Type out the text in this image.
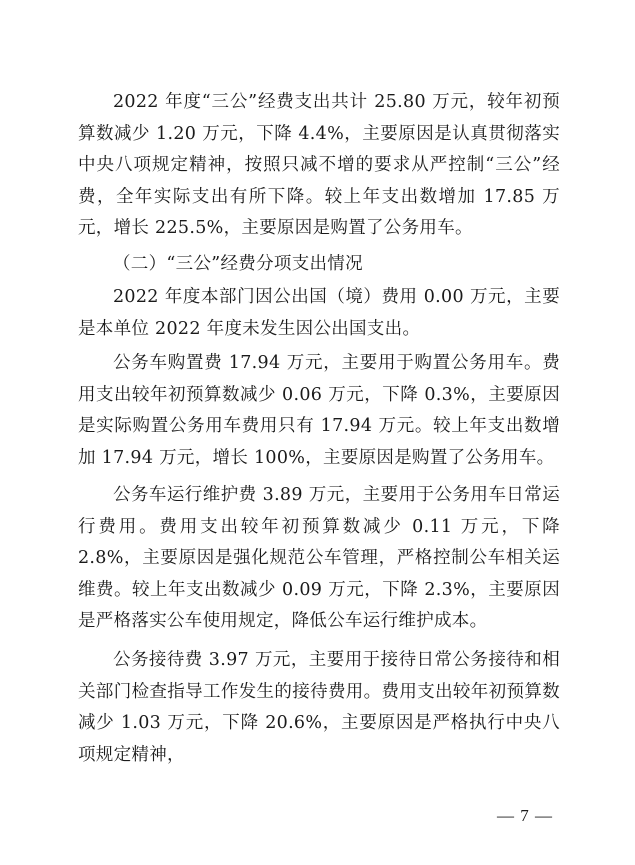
2022 年度“三公”经费支出共计 25.80 万元，较年初预算数减少 1.20 万元，下降 4.4%，主要原因是认真贯彻落实中央八项规定精神，按照只减不增的要求从严控制“三公”经费，全年实际支出有所下降。较上年支出数增加 17.85 万元，增长 225.5%，主要原因是购置了公务用车。

（二）“三公”经费分项支出情况

2022 年度本部门因公出国（境）费用 0.00 万元，主要是本单位 2022 年度未发生因公出国支出。

公务车购置费 17.94 万元，主要用于购置公务用车。费用支出较年初预算数减少 0.06 万元，下降 0.3%，主要原因是实际购置公务用车费用只有 17.94 万元。较上年支出数增加 17.94 万元，增长 100%，主要原因是购置了公务用车。

公务车运行维护费 3.89 万元，主要用于公务用车日常运行费用。费用支出较年初预算数减少 0.11 万元，下降 2.8%，主要原因是强化规范公车管理，严格控制公车相关运维费。较上年支出数减少 0.09 万元，下降 2.3%，主要原因是严格落实公车使用规定，降低公车运行维护成本。

公务接待费 3.97 万元，主要用于接待日常公务接待和相关部门检查指导工作发生的接待费用。费用支出较年初预算数减少 1.03 万元，下降 20.6%，主要原因是严格执行中央八项规定精神，

— 7 —
